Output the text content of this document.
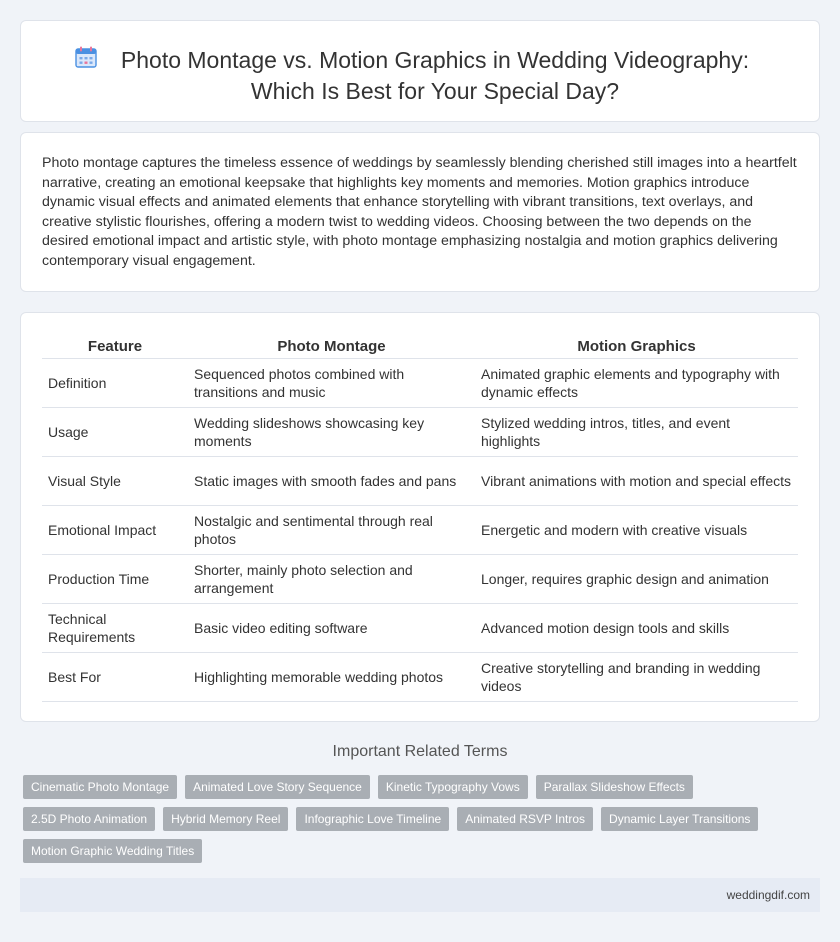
Photo Montage vs. Motion Graphics in Wedding Videography: Which Is Best for Your Special Day?

Photo montage captures the timeless essence of weddings by seamlessly blending cherished still images into a heartfelt narrative, creating an emotional keepsake that highlights key moments and memories. Motion graphics introduce dynamic visual effects and animated elements that enhance storytelling with vibrant transitions, text overlays, and creative stylistic flourishes, offering a modern twist to wedding videos. Choosing between the two depends on the desired emotional impact and artistic style, with photo montage emphasizing nostalgia and motion graphics delivering contemporary visual engagement.

Feature	Photo Montage	Motion Graphics
Definition	Sequenced photos combined with transitions and music	Animated graphic elements and typography with dynamic effects
Usage	Wedding slideshows showcasing key moments	Stylized wedding intros, titles, and event highlights
Visual Style	Static images with smooth fades and pans	Vibrant animations with motion and special effects
Emotional Impact	Nostalgic and sentimental through real photos	Energetic and modern with creative visuals
Production Time	Shorter, mainly photo selection and arrangement	Longer, requires graphic design and animation
Technical Requirements	Basic video editing software	Advanced motion design tools and skills
Best For	Highlighting memorable wedding photos	Creative storytelling and branding in wedding videos
Important Related Terms
Cinematic Photo Montage	Animated Love Story Sequence	Kinetic Typography Vows	Parallax Slideshow Effects
2.5D Photo Animation	Hybrid Memory Reel	Infographic Love Timeline	Animated RSVP Intros	Dynamic Layer Transitions
Motion Graphic Wedding Titles
weddingdif.com
